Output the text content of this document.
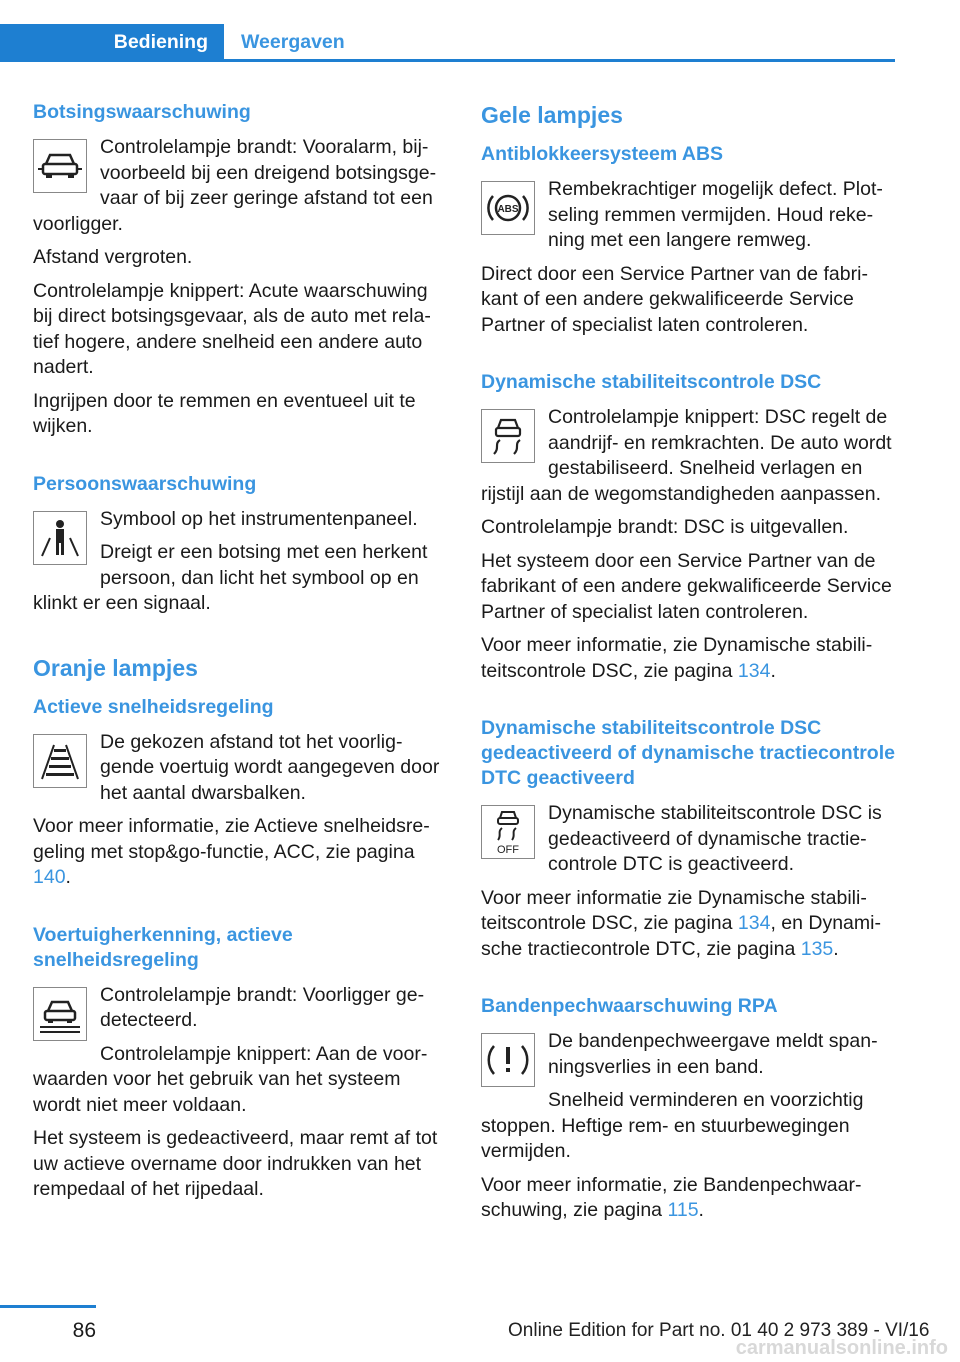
Bediening	Weergaven
Botsingswaarschuwing

Controlelampje brandt: Vooralarm, bijvoorbeeld bij een dreigend botsingsgevaar of bij zeer geringe afstand tot een voorligger.

Afstand vergroten.

Controlelampje knippert: Acute waarschuwing bij direct botsingsgevaar, als de auto met relatief hogere, andere snelheid een andere auto nadert.

Ingrijpen door te remmen en eventueel uit te wijken.

Persoonswaarschuwing

Symbool op het instrumentenpaneel.

Dreigt er een botsing met een herkent persoon, dan licht het symbool op en klinkt er een signaal.

Oranje lampjes
Actieve snelheidsregeling

De gekozen afstand tot het voorliggende voertuig wordt aangegeven door het aantal dwarsbalken.

Voor meer informatie, zie Actieve snelheidsregeling met stop&go-functie, ACC, zie pagina 140.

Voertuigherkenning, actieve snelheidsregeling

Controlelampje brandt: Voorligger gedetecteerd.

Controlelampje knippert: Aan de voorwaarden voor het gebruik van het systeem wordt niet meer voldaan.

Het systeem is gedeactiveerd, maar remt af tot uw actieve overname door indrukken van het rempedaal of het rijpedaal.

Gele lampjes
Antiblokkeersysteem ABS
ABS

Rembekrachtiger mogelijk defect. Plotseling remmen vermijden. Houd rekening met een langere remweg.

Direct door een Service Partner van de fabrikant of een andere gekwalificeerde Service Partner of specialist laten controleren.

Dynamische stabiliteitscontrole DSC

Controlelampje knippert: DSC regelt de aandrijf- en remkrachten. De auto wordt gestabiliseerd. Snelheid verlagen en rijstijl aan de wegomstandigheden aanpassen.

Controlelampje brandt: DSC is uitgevallen.

Het systeem door een Service Partner van de fabrikant of een andere gekwalificeerde Service Partner of specialist laten controleren.

Voor meer informatie, zie Dynamische stabiliteitscontrole DSC, zie pagina 134.

Dynamische stabiliteitscontrole DSC gedeactiveerd of dynamische tractiecontrole DTC geactiveerd
OFF

Dynamische stabiliteitscontrole DSC is gedeactiveerd of dynamische tractiecontrole DTC is geactiveerd.

Voor meer informatie zie Dynamische stabiliteitscontrole DSC, zie pagina 134, en Dynamische tractiecontrole DTC, zie pagina 135.

Bandenpechwaarschuwing RPA

De bandenpechweergave meldt spanningsverlies in een band.

Snelheid verminderen en voorzichtig stoppen. Heftige rem- en stuurbewegingen vermijden.

Voor meer informatie, zie Bandenpechwaarschuwing, zie pagina 115.

86	Online Edition for Part no. 01 40 2 973 389 - VI/16
carmanualsonline.info
